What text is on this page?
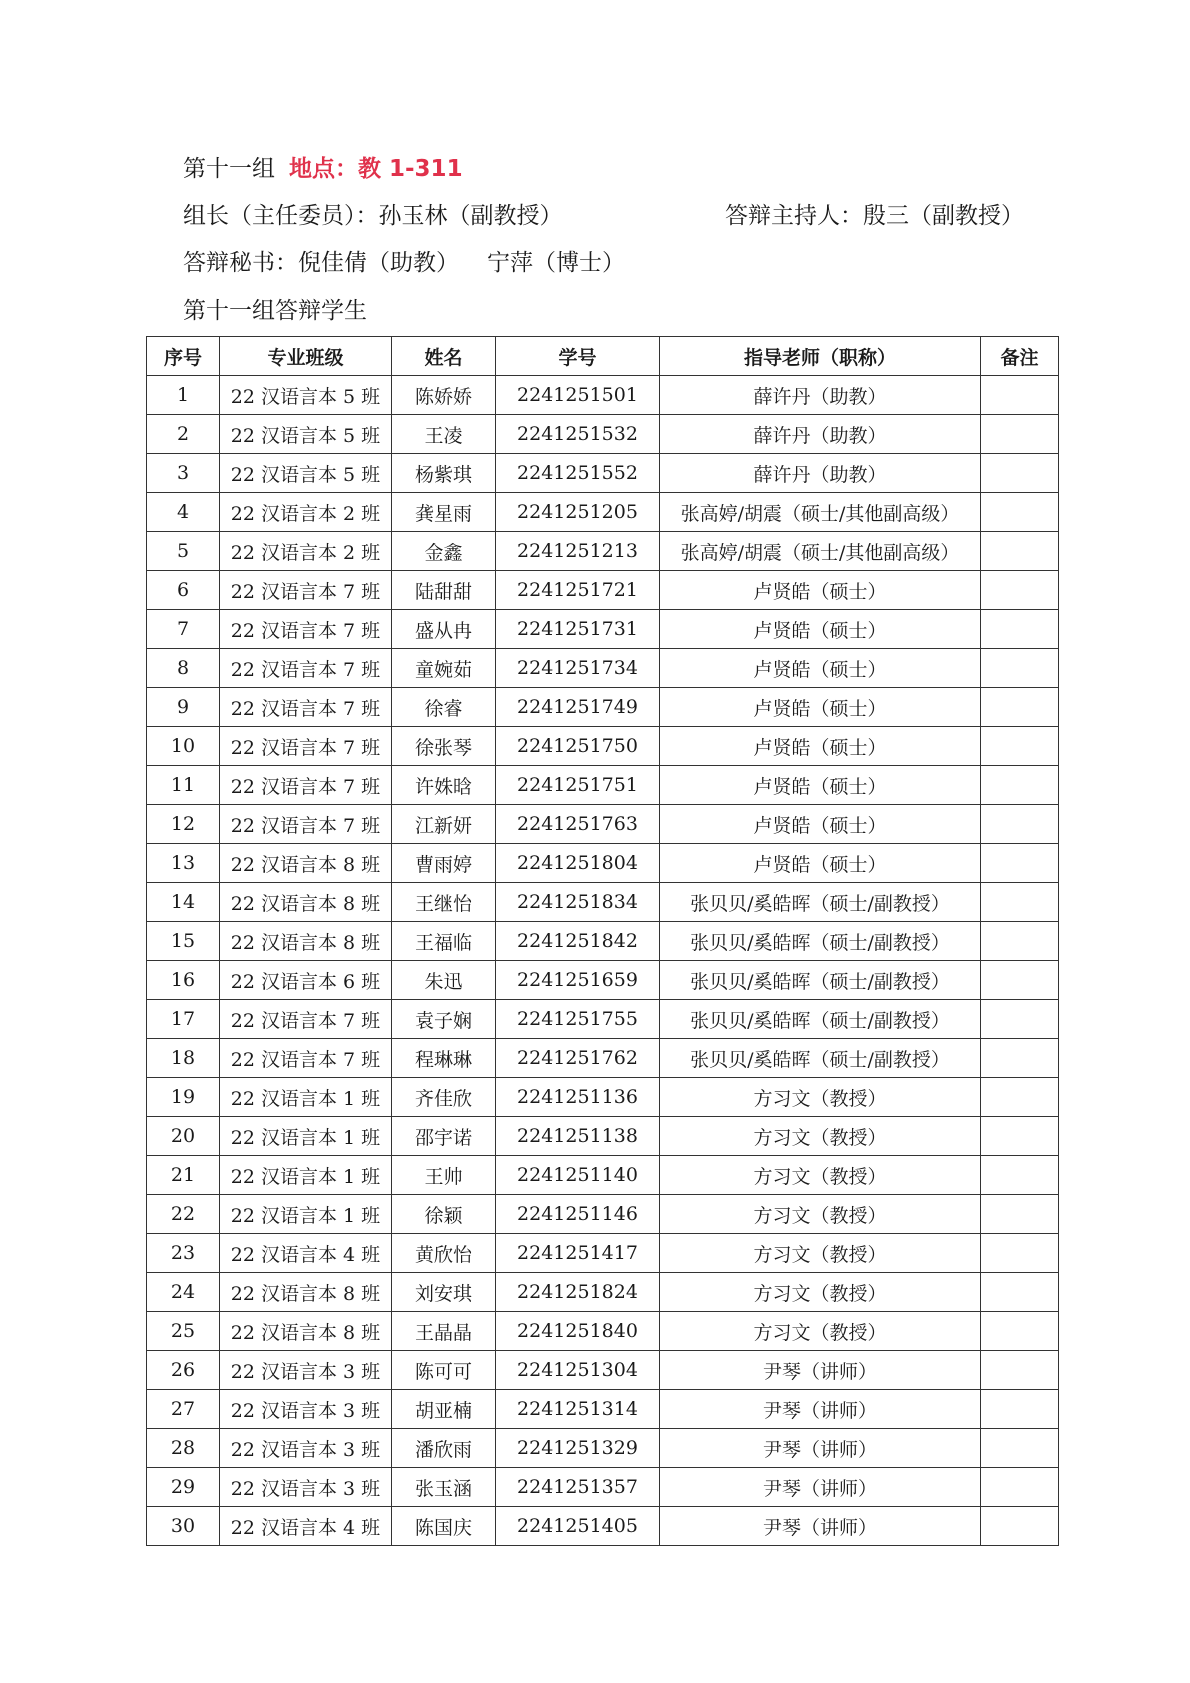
第十一组 地点：教 1-311
组长（主任委员）：孙玉林（副教授）	答辩主持人：殷三（副教授）
答辩秘书：倪佳倩（助教） 宁萍（博士）
第十一组答辩学生
序号	专业班级	姓名	学号	指导老师（职称）	备注
1	22 汉语言本 5 班	陈娇娇	2241251501	薛许丹（助教）	
2	22 汉语言本 5 班	王凌	2241251532	薛许丹（助教）	
3	22 汉语言本 5 班	杨紫琪	2241251552	薛许丹（助教）	
4	22 汉语言本 2 班	龚星雨	2241251205	张高婷/胡震（硕士/其他副高级）	
5	22 汉语言本 2 班	金鑫	2241251213	张高婷/胡震（硕士/其他副高级）	
6	22 汉语言本 7 班	陆甜甜	2241251721	卢贤皓（硕士）	
7	22 汉语言本 7 班	盛从冉	2241251731	卢贤皓（硕士）	
8	22 汉语言本 7 班	童婉茹	2241251734	卢贤皓（硕士）	
9	22 汉语言本 7 班	徐睿	2241251749	卢贤皓（硕士）	
10	22 汉语言本 7 班	徐张琴	2241251750	卢贤皓（硕士）	
11	22 汉语言本 7 班	许姝晗	2241251751	卢贤皓（硕士）	
12	22 汉语言本 7 班	江新妍	2241251763	卢贤皓（硕士）	
13	22 汉语言本 8 班	曹雨婷	2241251804	卢贤皓（硕士）	
14	22 汉语言本 8 班	王继怡	2241251834	张贝贝/奚皓晖（硕士/副教授）	
15	22 汉语言本 8 班	王福临	2241251842	张贝贝/奚皓晖（硕士/副教授）	
16	22 汉语言本 6 班	朱迅	2241251659	张贝贝/奚皓晖（硕士/副教授）	
17	22 汉语言本 7 班	袁子娴	2241251755	张贝贝/奚皓晖（硕士/副教授）	
18	22 汉语言本 7 班	程琳琳	2241251762	张贝贝/奚皓晖（硕士/副教授）	
19	22 汉语言本 1 班	齐佳欣	2241251136	方习文（教授）	
20	22 汉语言本 1 班	邵宇诺	2241251138	方习文（教授）	
21	22 汉语言本 1 班	王帅	2241251140	方习文（教授）	
22	22 汉语言本 1 班	徐颖	2241251146	方习文（教授）	
23	22 汉语言本 4 班	黄欣怡	2241251417	方习文（教授）	
24	22 汉语言本 8 班	刘安琪	2241251824	方习文（教授）	
25	22 汉语言本 8 班	王晶晶	2241251840	方习文（教授）	
26	22 汉语言本 3 班	陈可可	2241251304	尹琴（讲师）	
27	22 汉语言本 3 班	胡亚楠	2241251314	尹琴（讲师）	
28	22 汉语言本 3 班	潘欣雨	2241251329	尹琴（讲师）	
29	22 汉语言本 3 班	张玉涵	2241251357	尹琴（讲师）	
30	22 汉语言本 4 班	陈国庆	2241251405	尹琴（讲师）	
